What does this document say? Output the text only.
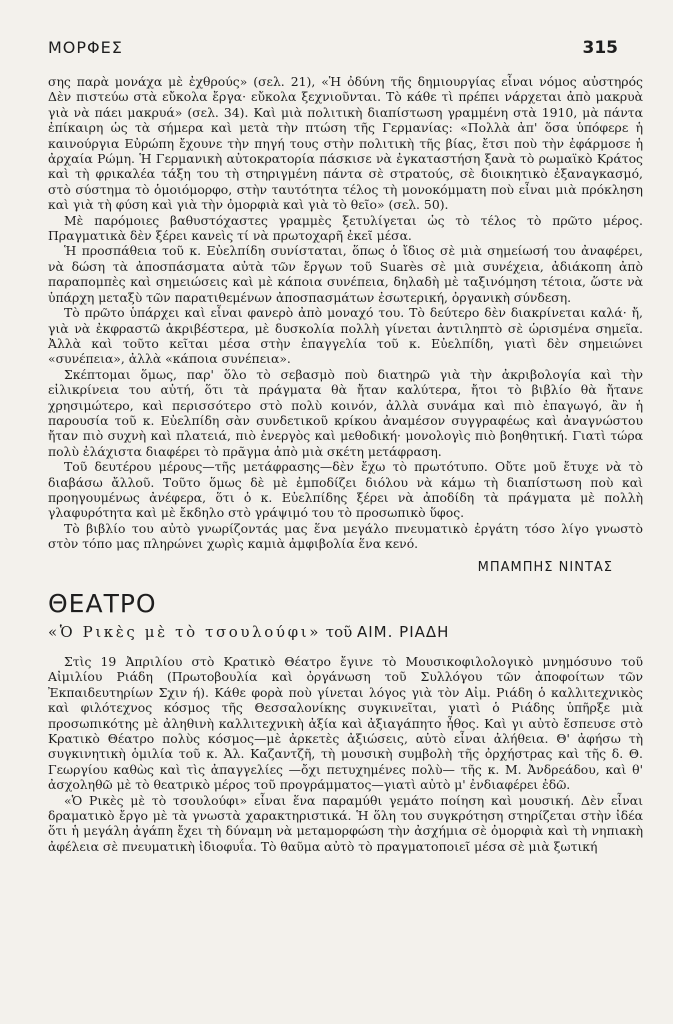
ΜΟΡΦΕΣ	315

σης παρὰ μονάχα μὲ ἐχθρούς» (σελ. 21), «Ἡ ὀδύνη τῆς δημιουργίας εἶναι νόμος αὐστηρός Δὲν πιστεύω στὰ εὔκολα ἔργα· εὔκολα ξεχνιοῦνται. Τὸ κάθε τὶ πρέπει νάρχεται ἀπὸ μακρυὰ γιὰ νὰ πάει μακρυά» (σελ. 34). Καὶ μιὰ πολιτικὴ διαπίστωση γραμμένη στὰ 1910, μὰ πάντα ἐπίκαιρη ὡς τὰ σήμερα καὶ μετὰ τὴν πτώση τῆς Γερμανίας: «Πολλὰ ἀπ' ὅσα ὑπόφερε ἡ καινούργια Εὐρώπη ἔχουνε τὴν πηγή τους στὴν πολιτικὴ τῆς βίας, ἔτσι ποὺ τὴν ἐφάρμοσε ἡ ἀρχαία Ρώμη. Ἡ Γερμανικὴ αὐτοκρατορία πάσκισε νὰ ἐγκαταστήση ξανὰ τὸ ρωμαϊκὸ Κράτος καὶ τὴ φρικαλέα τάξη του τὴ στηριγμένη πάντα σὲ στρατούς, σὲ διοικητικὸ ἐξαναγκασμό, στὸ σύστημα τὸ ὁμοιόμορφο, στὴν ταυτότητα τέλος τὴ μονοκόμματη ποὺ εἶναι μιὰ πρόκληση καὶ γιὰ τὴ φύση καὶ γιὰ τὴν ὀμορφιὰ καὶ γιὰ τὸ θεῖο» (σελ. 50).

Μὲ παρόμοιες βαθυστόχαστες γραμμὲς ξετυλίγεται ὡς τὸ τέλος τὸ πρῶτο μέρος. Πραγματικὰ δὲν ξέρει κανεὶς τί νὰ πρωτοχαρῆ ἐκεῖ μέσα.

Ἡ προσπάθεια τοῦ κ. Εὐελπίδη συνίσταται, ὅπως ὁ ἴδιος σὲ μιὰ σημείωσή του ἀναφέρει, νὰ δώση τὰ ἀποσπάσματα αὐτὰ τῶν ἔργων τοῦ Suarès σὲ μιὰ συνέχεια, ἀδιάκοπη ἀπὸ παραπομπὲς καὶ σημειώσεις καὶ μὲ κάποια συνέπεια, δηλαδὴ μὲ ταξινόμηση τέτοια, ὥστε νὰ ὑπάρχη μεταξὺ τῶν παρατιθεμένων ἀποσπασμάτων ἐσωτερική, ὀργανικὴ σύνδεση.

Τὸ πρῶτο ὑπάρχει καὶ εἶναι φανερὸ ἀπὸ μοναχό του. Τὸ δεύτερο δὲν διακρίνεται καλά· ἤ, γιὰ νὰ ἐκφραστῶ ἀκριβέστερα, μὲ δυσκολία πολλὴ γίνεται ἀντιληπτὸ σὲ ὡρισμένα σημεῖα. Ἀλλὰ καὶ τοῦτο κεῖται μέσα στὴν ἐπαγγελία τοῦ κ. Εὐελπίδη, γιατὶ δὲν σημειώνει «συνέπεια», ἀλλὰ «κάποια συνέπεια».

Σκέπτομαι ὅμως, παρ' ὅλο τὸ σεβασμὸ ποὺ διατηρῶ γιὰ τὴν ἀκριβολογία καὶ τὴν εἰλικρίνεια του αὐτή, ὅτι τὰ πράγματα θὰ ἤταν καλύτερα, ἤτοι τὸ βιβλίο θὰ ἤτανε χρησιμώτερο, καὶ περισσότερο στὸ πολὺ κοινόν, ἀλλὰ συνάμα καὶ πιὸ ἐπαγωγό, ἂν ἡ παρουσία τοῦ κ. Εὐελπίδη σὰν συνδετικοῦ κρίκου ἀναμέσον συγγραφέως καὶ ἀναγνώστου ἤταν πιὸ συχνὴ καὶ πλατειά, πιὸ ἐνεργὸς καὶ μεθοδική· μονολογὶς πιὸ βοηθητική. Γιατὶ τώρα πολὺ ἐλάχιστα διαφέρει τὸ πρᾶγμα ἀπὸ μιὰ σκέτη μετάφραση.

Τοῦ δευτέρου μέρους—τῆς μετάφρασης—δὲν ἔχω τὸ πρωτότυπο. Οὔτε μοῦ ἔτυχε νὰ τὸ διαβάσω ἄλλοῦ. Τοῦτο ὅμως δὲ μὲ ἐμποδίζει διόλου νὰ κάμω τὴ διαπίστωση ποὺ καὶ προηγουμένως ἀνέφερα, ὅτι ὁ κ. Εὐελπίδης ξέρει νὰ ἀποδίδη τὰ πράγματα μὲ πολλὴ γλαφυρότητα καὶ μὲ ἔκδηλο στὸ γράψιμό του τὸ προσωπικὸ ὕφος.

Τὸ βιβλίο του αὐτὸ γνωρίζοντάς μας ἕνα μεγάλο πνευματικὸ ἐργάτη τόσο λίγο γνωστὸ στὸν τόπο μας πληρώνει χωρὶς καμιὰ ἀμφιβολία ἕνα κενό.

ΜΠΑΜΠΗΣ ΝΙΝΤΑΣ
ΘΕΑΤΡΟ
«Ὁ Ρικὲς μὲ τὸ τσουλούφι» τοῦ ΑΙΜ. ΡΙΑΔΗ

Στὶς 19 Ἀπριλίου στὸ Κρατικὸ Θέατρο ἔγινε τὸ Μουσικοφιλολογικὸ μνημόσυνο τοῦ Αἰμιλίου Ριάδη (Πρωτοβουλία καὶ ὀργάνωση τοῦ Συλλόγου τῶν ἀποφοίτων τῶν Ἐκπαιδευτηρίων Σχιν ή). Κάθε φορὰ ποὺ γίνεται λόγος γιὰ τὸν Αἰμ. Ριάδη ὁ καλλιτεχνικὸς καὶ φιλότεχνος κόσμος τῆς Θεσσαλονίκης συγκινεῖται, γιατὶ ὁ Ριάδης ὑπῆρξε μιὰ προσωπικότης μὲ ἀληθινὴ καλλιτεχνικὴ ἀξία καὶ ἀξιαγάπητο ἦθος. Καὶ γι αὐτὸ ἔσπευσε στὸ Κρατικὸ Θέατρο πολὺς κόσμος—μὲ ἀρκετὲς ἀξιώσεις, αὐτὸ εἶναι ἀλήθεια. Θ' ἀφήσω τὴ συγκινητικὴ ὁμιλία τοῦ κ. Ἀλ. Καζαντζῆ, τὴ μουσικὴ συμβολὴ τῆς ὀρχήστρας καὶ τῆς δ. Θ. Γεωργίου καθὼς καὶ τὶς ἀπαγγελίες —ὄχι πετυχημένες πολὺ— τῆς κ. Μ. Ἀνδρεάδου, καὶ θ' ἀσχοληθῶ μὲ τὸ θεατρικὸ μέρος τοῦ προγράμματος—γιατὶ αὐτὸ μ' ἐνδιαφέρει ἐδῶ.

«Ὁ Ρικὲς μὲ τὸ τσουλούφι» εἶναι ἕνα παραμύθι γεμάτο ποίηση καὶ μουσική. Δὲν εἶναι δραματικὸ ἔργο μὲ τὰ γνωστὰ χαρακτηριστικά. Ἡ ὅλη του συγκρότηση στηρίζεται στὴν ἰδέα ὅτι ἡ μεγάλη ἀγάπη ἔχει τὴ δύναμη νὰ μεταμορφώση τὴν ἀσχήμια σὲ ὀμορφιὰ καὶ τὴ νηπιακὴ ἀφέλεια σὲ πνευματικὴ ἰδιοφυΐα. Τὸ θαῦμα αὐτὸ τὸ πραγματοποιεῖ μέσα σὲ μιὰ ξωτική
